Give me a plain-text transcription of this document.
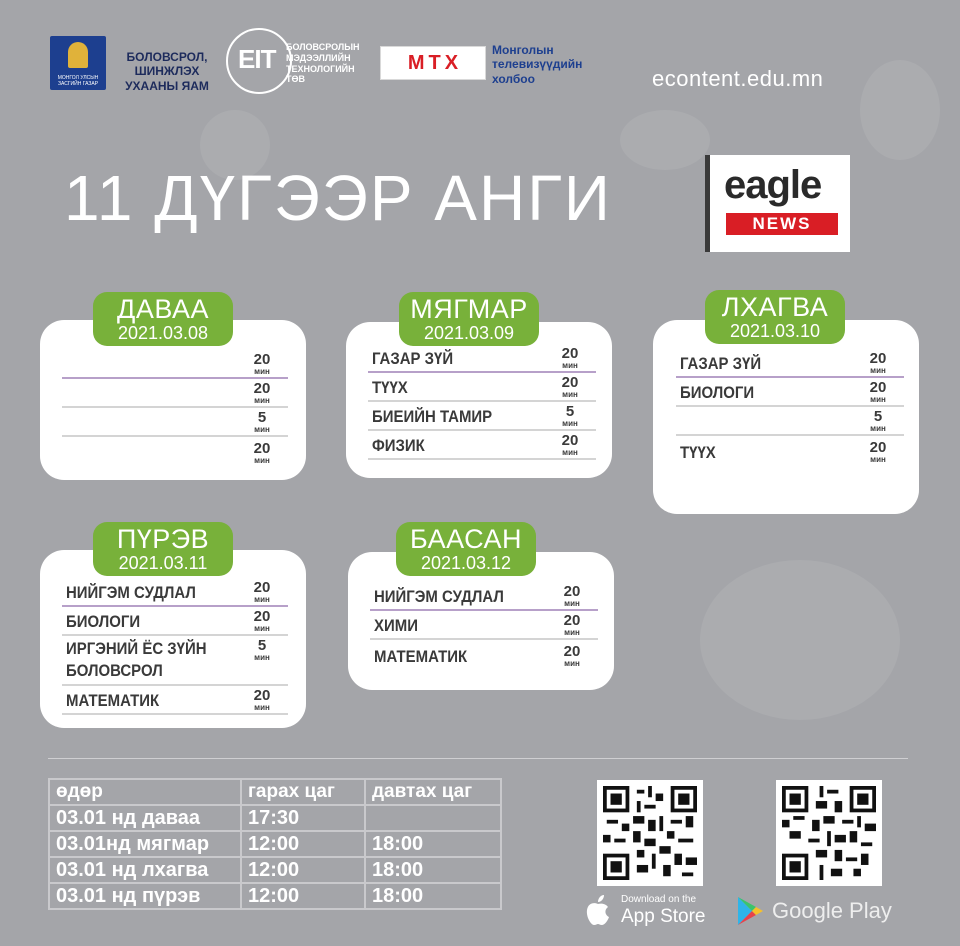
МОНГОЛ УЛСЫН ЗАСГИЙН ГАЗАР
БОЛОВСРОЛ, ШИНЖЛЭХ УХААНЫ ЯАМ
EIT БОЛОВСРОЛЫН МЭДЭЭЛЛИЙН ТЕХНОЛОГИЙН ТӨВ
М Т Х
Монголын телевизүүдийн холбоо	econtent.edu.mn
11 ДҮГЭЭР АНГИ	eagle
NEWS
ДАВАА
2021.03.08
20
мин
20
мин
5
мин
20
мин
МЯГМАР
2021.03.09
ГАЗАР ЗҮЙ	20
мин
ТҮҮХ	20
мин
БИЕИЙН ТАМИР	5
мин
ФИЗИК	20
мин
ЛХАГВА
2021.03.10
ГАЗАР ЗҮЙ	20
мин
БИОЛОГИ	20
мин
5
мин
ТҮҮХ	20
мин
ПҮРЭВ
2021.03.11
НИЙГЭМ СУДЛАЛ	20
мин
БИОЛОГИ	20
мин
ИРГЭНИЙ ЁС ЗҮЙН БОЛОВСРОЛ
5
мин
МАТЕМАТИК	20
мин
БААСАН
2021.03.12
НИЙГЭМ СУДЛАЛ	20
мин
ХИМИ	20
мин
МАТЕМАТИК	20
мин
өдөр	гарах цаг	давтах цаг
03.01 нд даваа	17:30	
03.01нд мягмар	12:00	18:00
03.01 нд лхагва	12:00	18:00
03.01 нд пүрэв	12:00	18:00	Download on the
App Store	Google Play
